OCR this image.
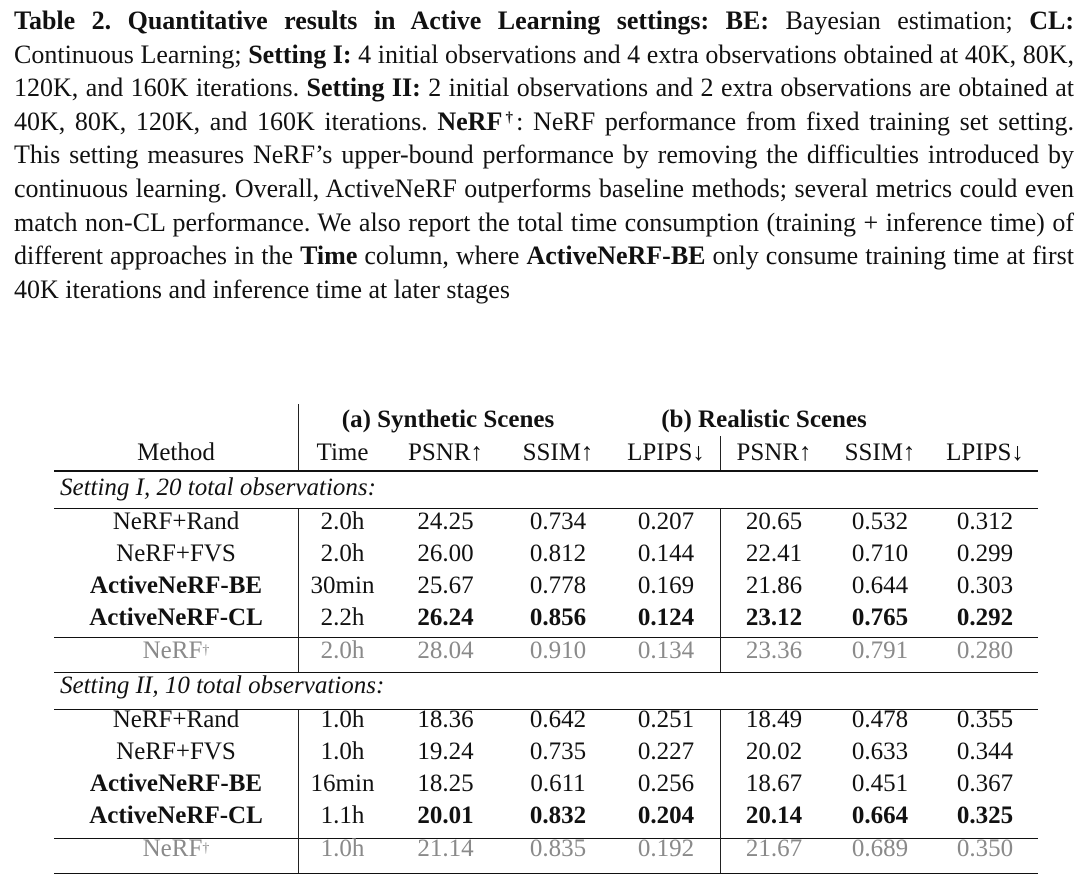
Table 2. Quantitative results in Active Learning settings: BE: Bayesian estimation; CL: Continuous Learning; Setting I: 4 initial observations and 4 extra observations obtained at 40K, 80K, 120K, and 160K iterations. Setting II: 2 initial observations and 2 extra observations are obtained at 40K, 80K, 120K, and 160K iterations. NeRF†: NeRF performance from fixed training set setting. This setting measures NeRF’s upper-bound performance by removing the difficulties introduced by continuous learning. Overall, ActiveNeRF outperforms baseline methods; several metrics could even match non-CL performance. We also report the total time consumption (training + inference time) of different approaches in the Time column, where ActiveNeRF-BE only consume training time at first 40K iterations and inference time at later stages
(a) Synthetic Scenes	(b) Realistic Scenes
Method	Time	PSNR↑	SSIM↑	LPIPS↓	PSNR↑	SSIM↑	LPIPS↓
Setting I, 20 total observations:
NeRF+Rand	2.0h	24.25	0.734	0.207	20.65	0.532	0.312
NeRF+FVS	2.0h	26.00	0.812	0.144	22.41	0.710	0.299
ActiveNeRF-BE	30min	25.67	0.778	0.169	21.86	0.644	0.303
ActiveNeRF-CL	2.2h	26.24	0.856	0.124	23.12	0.765	0.292
NeRF †	2.0h	28.04	0.910	0.134	23.36	0.791	0.280
Setting II, 10 total observations:
NeRF+Rand	1.0h	18.36	0.642	0.251	18.49	0.478	0.355
NeRF+FVS	1.0h	19.24	0.735	0.227	20.02	0.633	0.344
ActiveNeRF-BE	16min	18.25	0.611	0.256	18.67	0.451	0.367
ActiveNeRF-CL	1.1h	20.01	0.832	0.204	20.14	0.664	0.325
NeRF †	1.0h	21.14	0.835	0.192	21.67	0.689	0.350
